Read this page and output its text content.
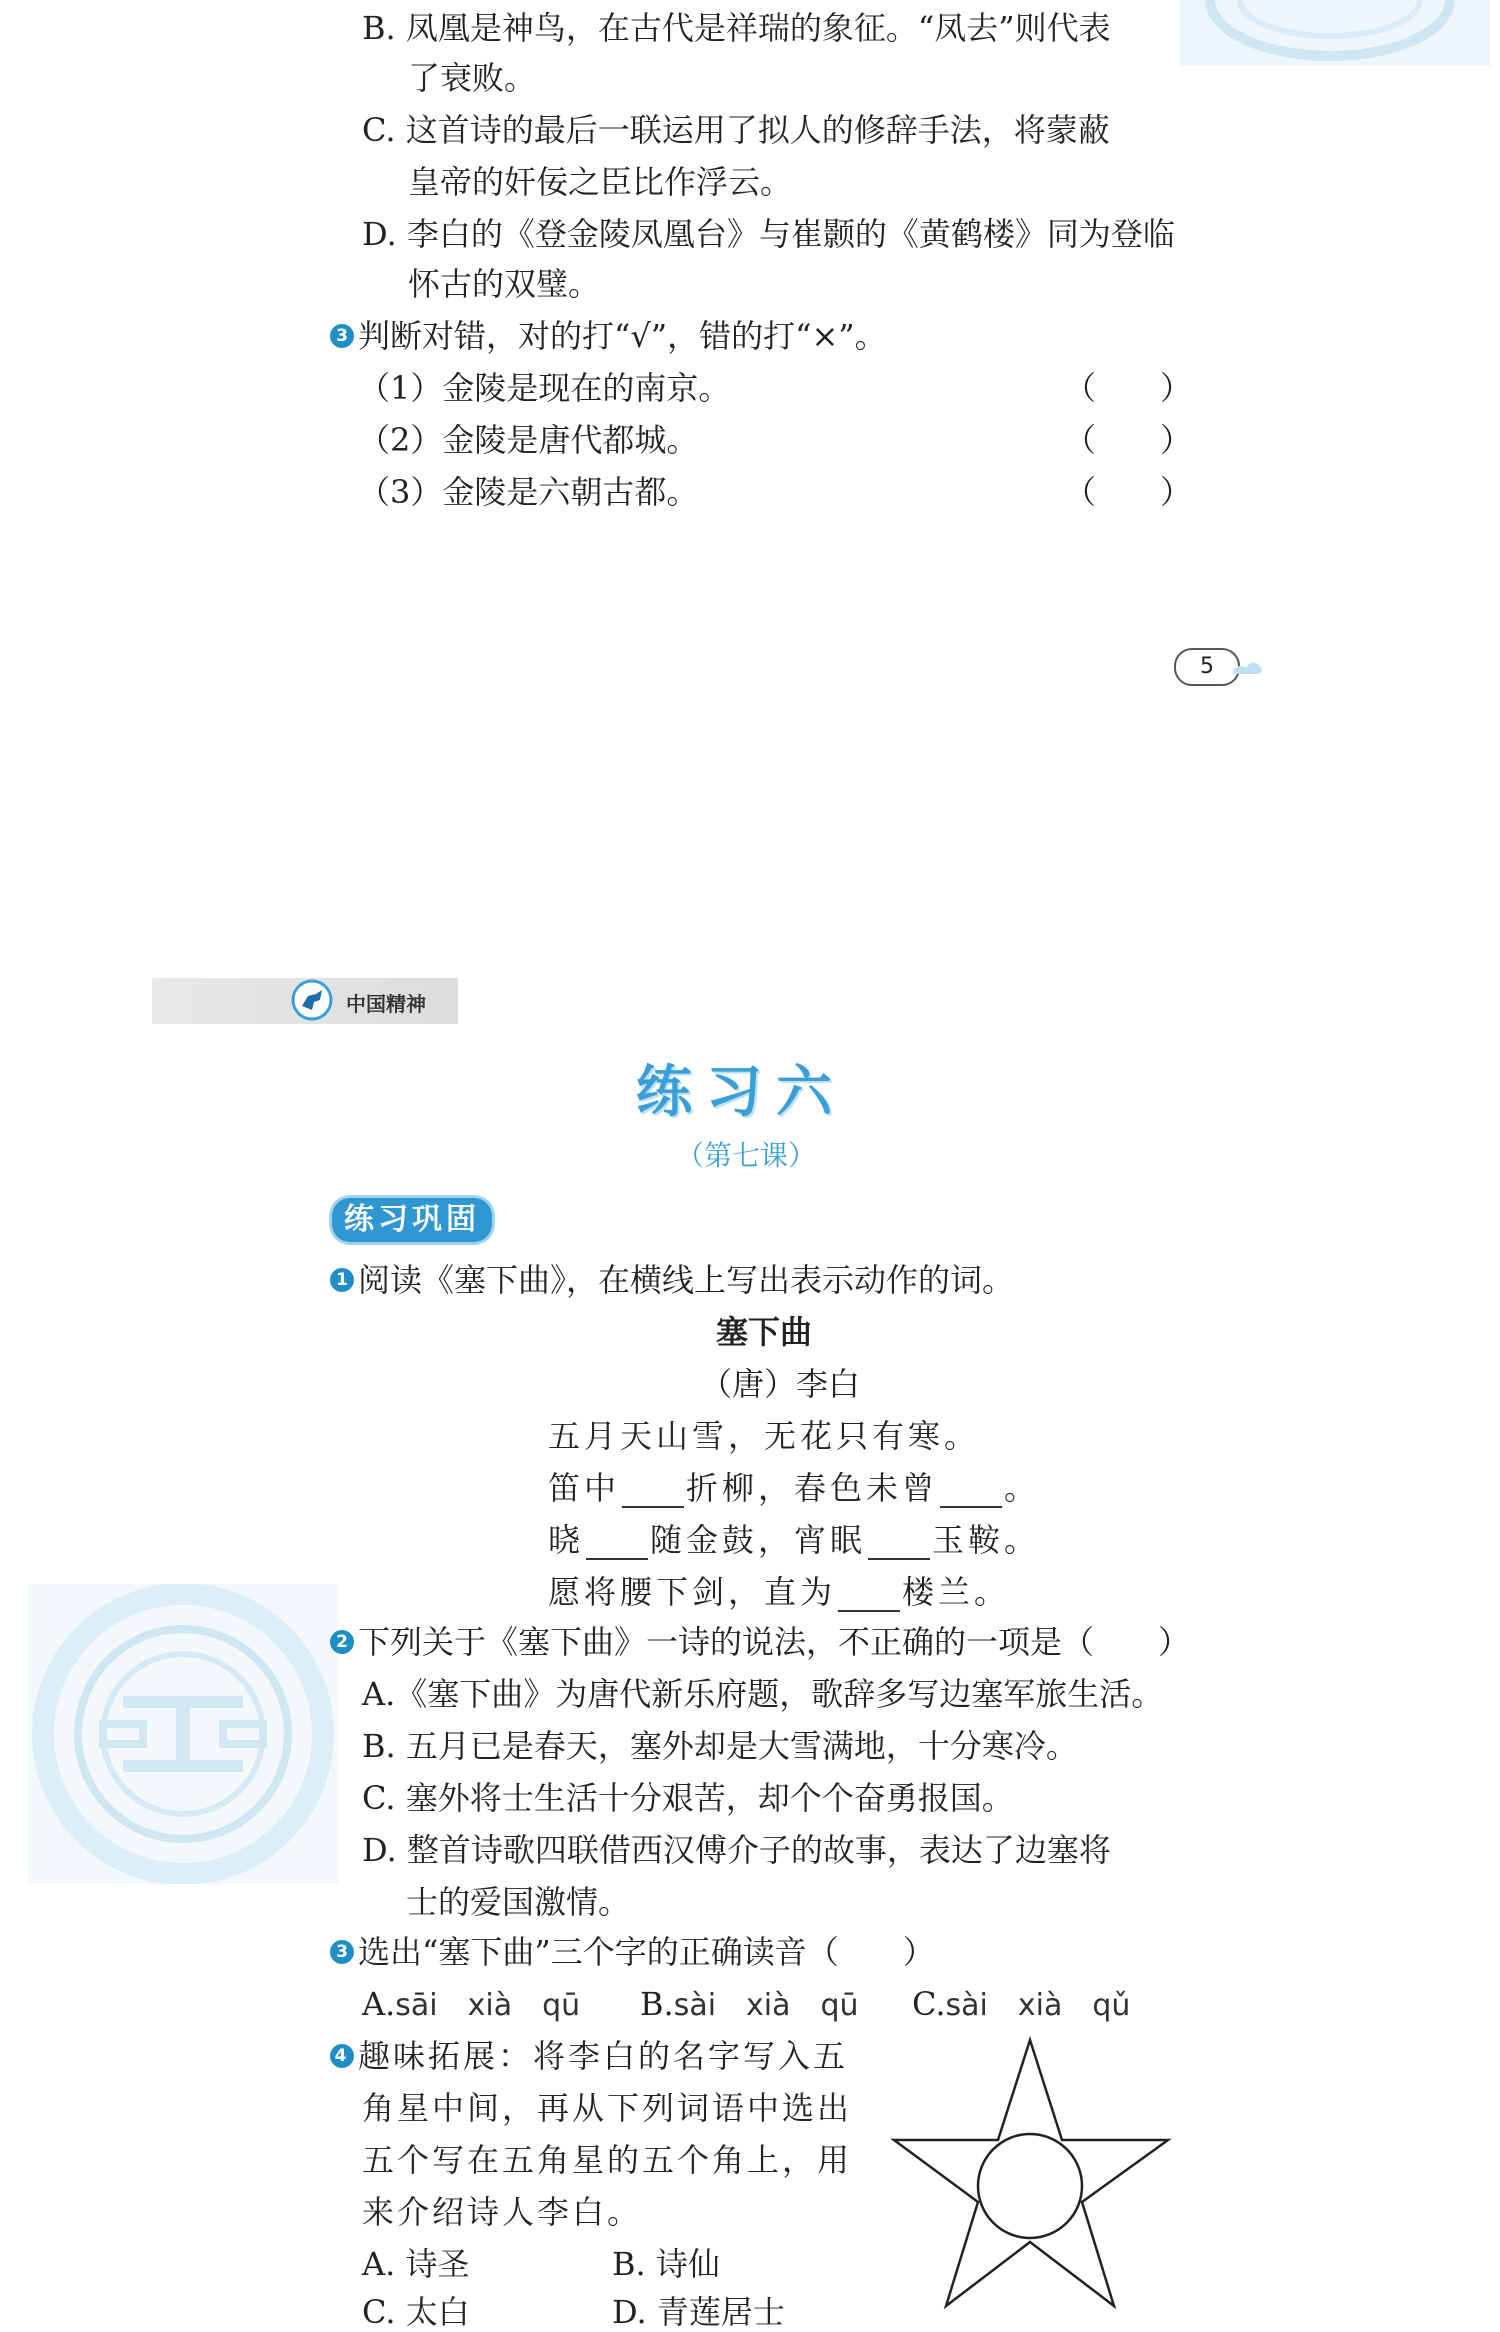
B. 凤凰是神鸟，在古代是祥瑞的象征。“凤去”则代表
了衰败。
C. 这首诗的最后一联运用了拟人的修辞手法，将蒙蔽
皇帝的奸佞之臣比作浮云。
D. 李白的《登金陵凤凰台》与崔颢的《黄鹤楼》同为登临
怀古的双璧。
3 判断对错，对的打“√”，错的打“×”。
（1）金陵是现在的南京。	（　　）
（2）金陵是唐代都城。	（　　）
（3）金陵是六朝古都。	（　　）
5
中国精神
练习六
（第七课）
练习巩固
1 阅读《塞下曲》，在横线上写出表示动作的词。
塞下曲
（唐）李白
五月天山雪，无花只有寒。
笛中 折柳，春色未曾 。
晓 随金鼓，宵眠 玉鞍。
愿将腰下剑，直为 楼兰。
2 下列关于《塞下曲》一诗的说法，不正确的一项是（　　）
A.《塞下曲》为唐代新乐府题，歌辞多写边塞军旅生活。
B. 五月已是春天，塞外却是大雪满地，十分寒冷。
C. 塞外将士生活十分艰苦，却个个奋勇报国。
D. 整首诗歌四联借西汉傅介子的故事，表达了边塞将
士的爱国激情。
3 选出“塞下曲”三个字的正确读音（　　）
A.sāi　xià　qū B.sài　xià　qū C.sài　xià　qǔ
4 趣味拓展：将李白的名字写入五
角星中间，再从下列词语中选出
五个写在五角星的五个角上，用
来介绍诗人李白。
A. 诗圣	B. 诗仙
C. 太白	D. 青莲居士
